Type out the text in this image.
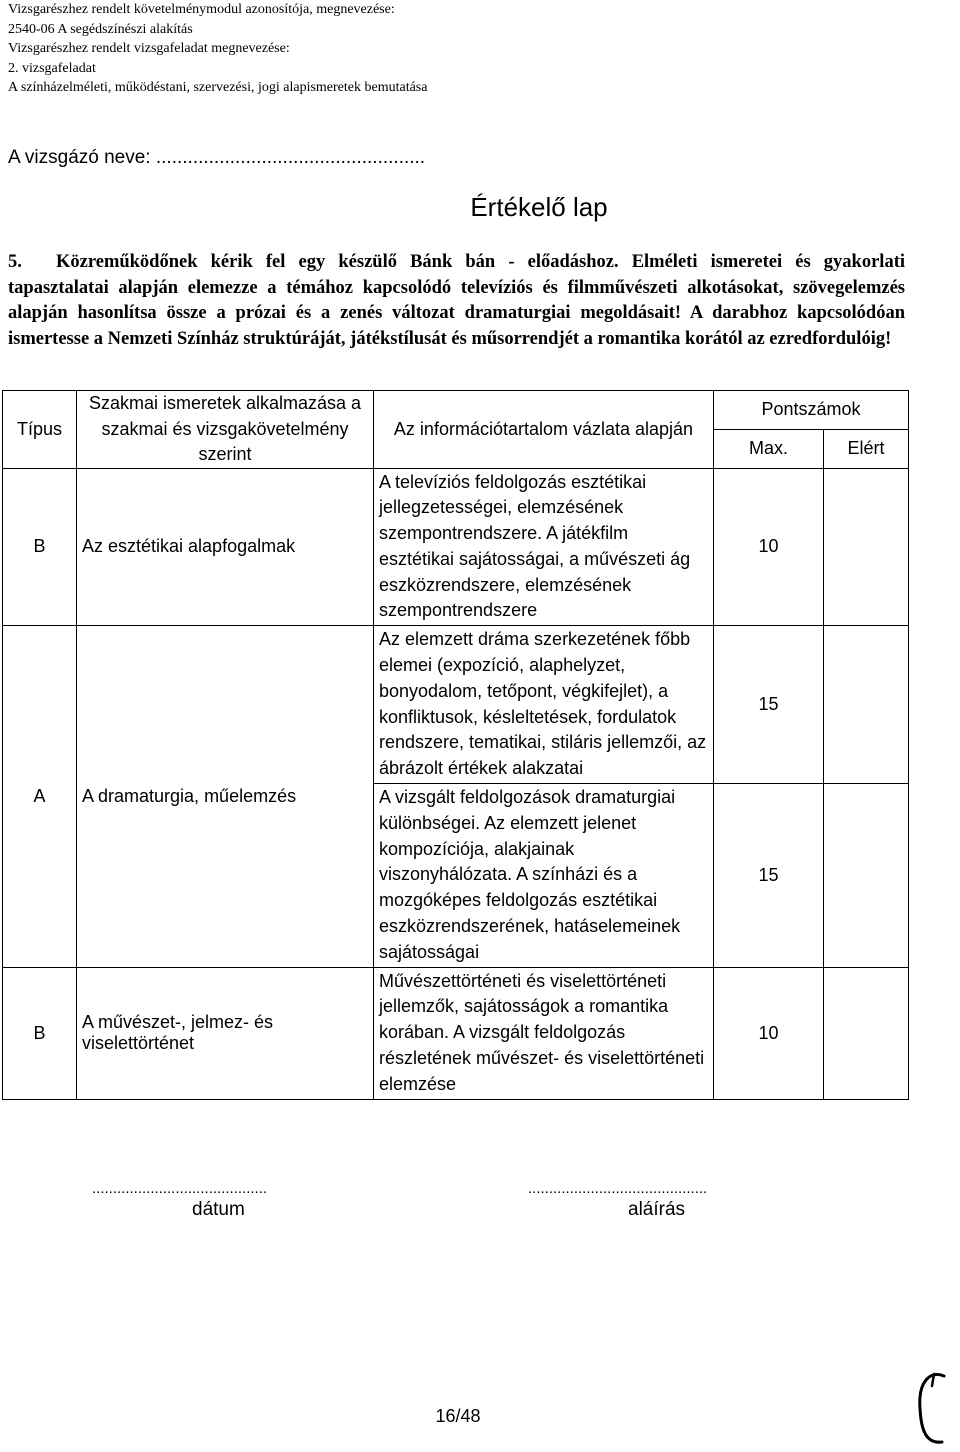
Vizsgarészhez rendelt követelménymodul azonosítója, megnevezése:
2540-06 A segédszínészi alakítás
Vizsgarészhez rendelt vizsgafeladat megnevezése:
2. vizsgafeladat
A színházelméleti, működéstani, szervezési, jogi alapismeretek bemutatása
A vizsgázó neve: ...................................................
Értékelő lap
5. Közreműködőnek kérik fel egy készülő Bánk bán - előadáshoz. Elméleti ismeretei és gyakorlati tapasztalatai alapján elemezze a témához kapcsolódó televíziós és filmművészeti alkotásokat, szövegelemzés alapján hasonlítsa össze a prózai és a zenés változat dramaturgiai megoldásait! A darabhoz kapcsolódóan ismertesse a Nemzeti Színház struktúráját, játékstílusát és műsorrendjét a romantika korától az ezredfordulóig!
Típus	Szakmai ismeretek alkalmazása a szakmai és vizsgakövetelmény szerint	Az információtartalom vázlata alapján	Pontszámok	
			Max.	Elért
B	Az esztétikai alapfogalmak	A televíziós feldolgozás esztétikai jellegzetességei, elemzésének szempontrendszere. A játékfilm esztétikai sajátosságai, a művészeti ág eszközrendszere, elemzésének szempontrendszere	10	
A	A dramaturgia, műelemzés	Az elemzett dráma szerkezetének főbb elemei (expozíció, alaphelyzet, bonyodalom, tetőpont, végkifejlet), a konfliktusok, késleltetések, fordulatok rendszere, tematikai, stiláris jellemzői, az ábrázolt értékek alakzatai	15	
		A vizsgált feldolgozások dramaturgiai különbségei. Az elemzett jelenet kompozíciója, alakjainak viszonyhálózata. A színházi és a mozgóképes feldolgozás esztétikai eszközrendszerének, hatáselemeinek sajátosságai	15	
B	A művészet-, jelmez- és viselettörténet	Művészettörténeti és viselettörténeti jellemzők, sajátosságok a romantika korában. A vizsgált feldolgozás részletének művészet- és viselettörténeti elemzése	10	
..........................................
dátum
...........................................
aláírás
16/48
